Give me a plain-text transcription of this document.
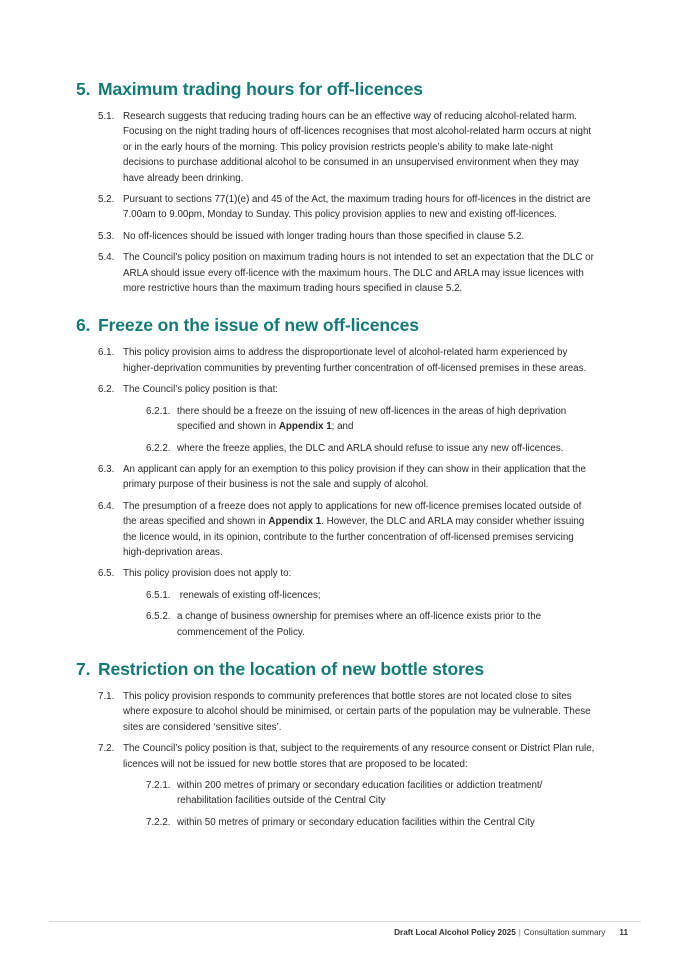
5. Maximum trading hours for off-licences
5.1. Research suggests that reducing trading hours can be an effective way of reducing alcohol-related harm. Focusing on the night trading hours of off-licences recognises that most alcohol-related harm occurs at night or in the early hours of the morning. This policy provision restricts people’s ability to make late-night decisions to purchase additional alcohol to be consumed in an unsupervised environment when they may have already been drinking.

5.2. Pursuant to sections 77(1)(e) and 45 of the Act, the maximum trading hours for off-licences in the district are 7.00am to 9.00pm, Monday to Sunday. This policy provision applies to new and existing off-licences.

5.3. No off-licences should be issued with longer trading hours than those specified in clause 5.2.

5.4. The Council’s policy position on maximum trading hours is not intended to set an expectation that the DLC or ARLA should issue every off-licence with the maximum hours. The DLC and ARLA may issue licences with more restrictive hours than the maximum trading hours specified in clause 5.2.

6. Freeze on the issue of new off-licences
6.1. This policy provision aims to address the disproportionate level of alcohol-related harm experienced by higher-deprivation communities by preventing further concentration of off-licensed premises in these areas.

6.2. The Council’s policy position is that:

6.2.1. there should be a freeze on the issuing of new off-licences in the areas of high deprivation specified and shown in Appendix 1; and

6.2.2. where the freeze applies, the DLC and ARLA should refuse to issue any new off-licences.

6.3. An applicant can apply for an exemption to this policy provision if they can show in their application that the primary purpose of their business is not the sale and supply of alcohol.

6.4. The presumption of a freeze does not apply to applications for new off-licence premises located outside of the areas specified and shown in Appendix 1. However, the DLC and ARLA may consider whether issuing the licence would, in its opinion, contribute to the further concentration of off-licensed premises servicing high-deprivation areas.

6.5. This policy provision does not apply to:

6.5.1. renewals of existing off-licences;

6.5.2. a change of business ownership for premises where an off-licence exists prior to the commencement of the Policy.

7. Restriction on the location of new bottle stores
7.1. This policy provision responds to community preferences that bottle stores are not located close to sites where exposure to alcohol should be minimised, or certain parts of the population may be vulnerable. These sites are considered ‘sensitive sites’.

7.2. The Council’s policy position is that, subject to the requirements of any resource consent or District Plan rule, licences will not be issued for new bottle stores that are proposed to be located:

7.2.1. within 200 metres of primary or secondary education facilities or addiction treatment/ rehabilitation facilities outside of the Central City

7.2.2. within 50 metres of primary or secondary education facilities within the Central City

Draft Local Alcohol Policy 2025 | Consultation summary 11
